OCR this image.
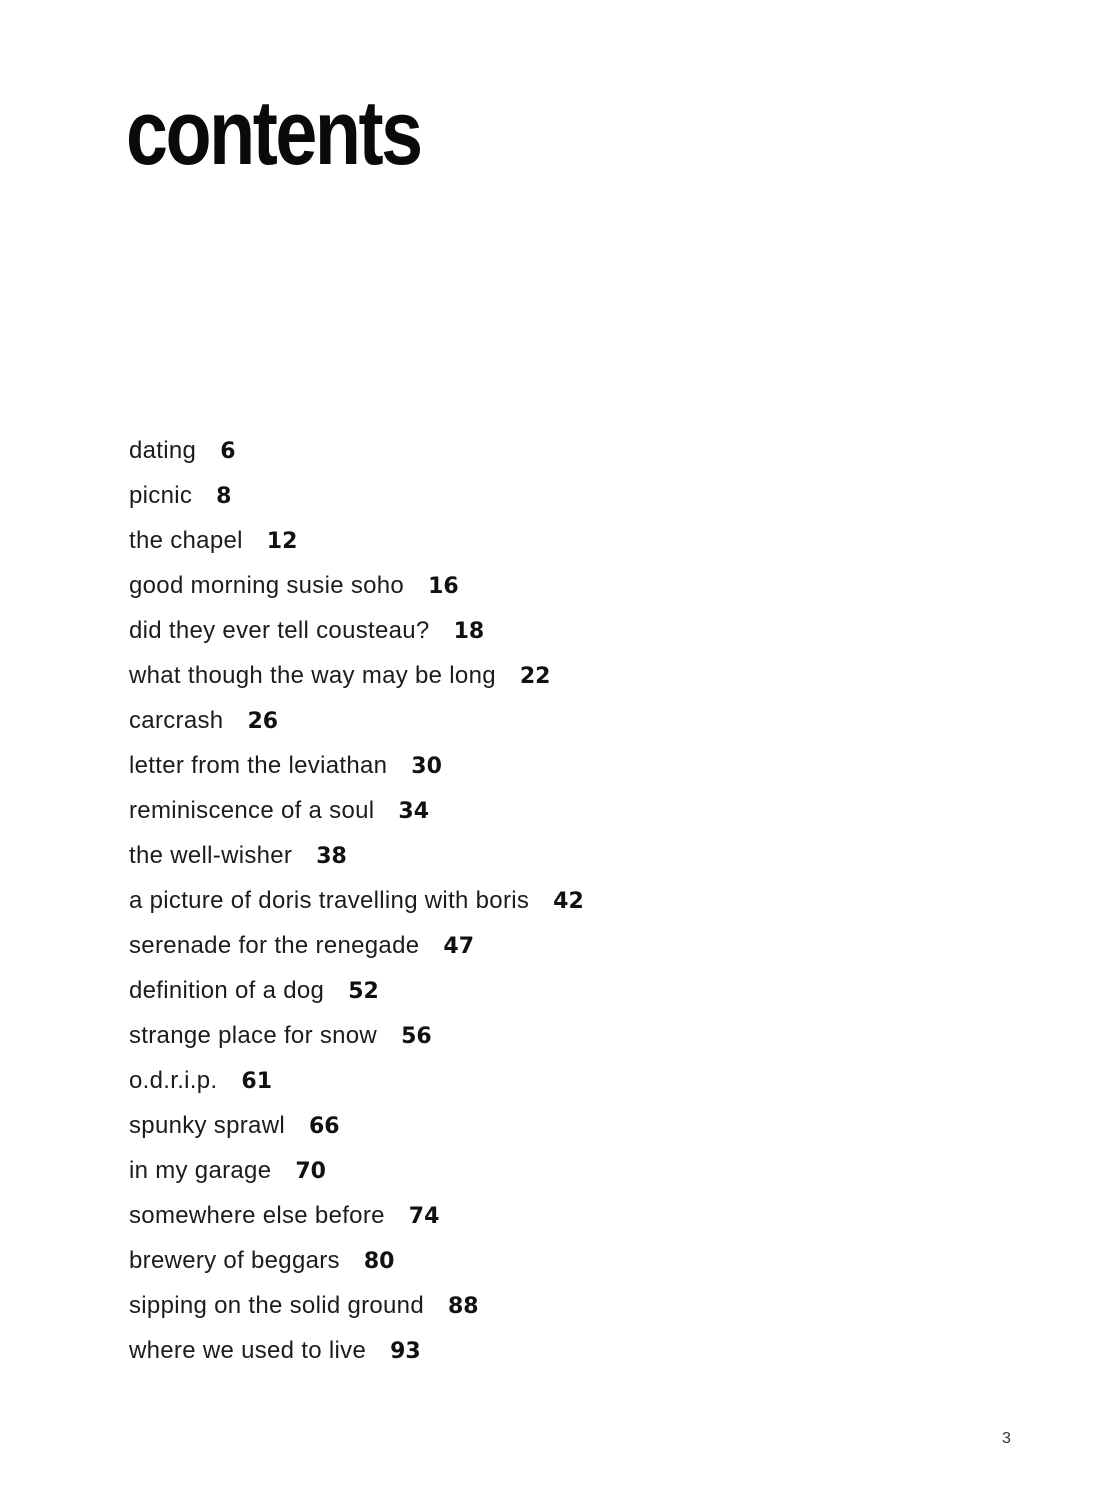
contents
dating 6
picnic 8
the chapel 12
good morning susie soho 16
did they ever tell cousteau? 18
what though the way may be long 22
carcrash 26
letter from the leviathan 30
reminiscence of a soul 34
the well-wisher 38
a picture of doris travelling with boris 42
serenade for the renegade 47
definition of a dog 52
strange place for snow 56
o.d.r.i.p. 61
spunky sprawl 66
in my garage 70
somewhere else before 74
brewery of beggars 80
sipping on the solid ground 88
where we used to live 93
3
